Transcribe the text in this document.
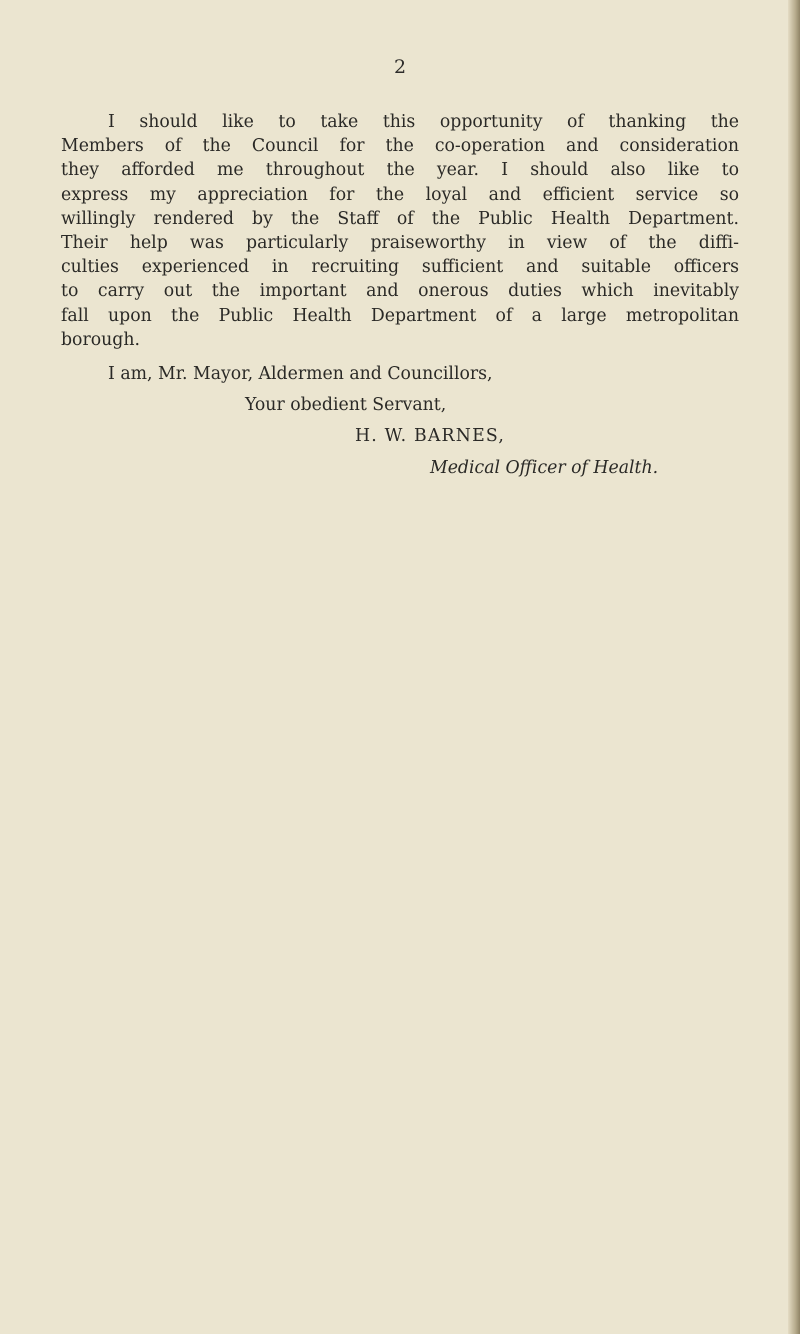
2
I should like to take this opportunity of thanking the
Members of the Council for the co-operation and consideration
they afforded me throughout the year. I should also like to
express my appreciation for the loyal and efficient service so
willingly rendered by the Staff of the Public Health Department.
Their help was particularly praiseworthy in view of the diffi-
culties experienced in recruiting sufficient and suitable officers
to carry out the important and onerous duties which inevitably
fall upon the Public Health Department of a large metropolitan
borough.
I am, Mr. Mayor, Aldermen and Councillors,
Your obedient Servant,
H. W. BARNES,
Medical Officer of Health.
